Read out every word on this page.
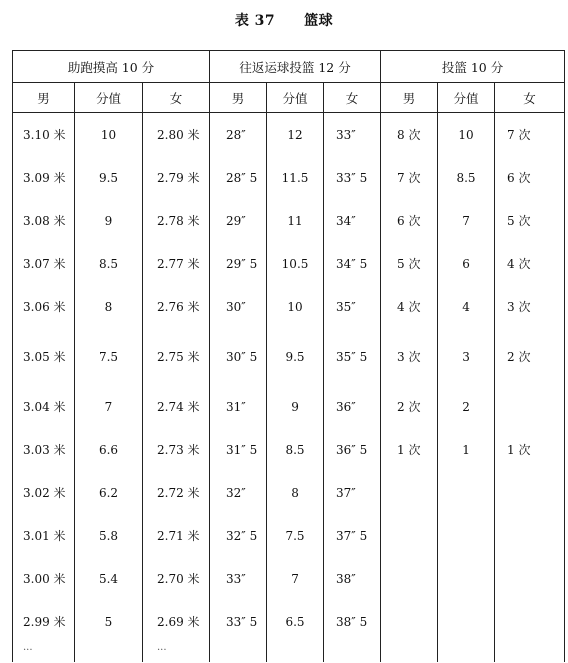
表 37　　篮球
助跑摸高 10 分			往返运球投篮 12 分			投篮 10 分		
男	分值	女	男	分值	女	男	分值	女
3.10 米	10	2.80 米	28″	12	33″	8 次	10	7 次
3.09 米	9.5	2.79 米	28″ 5	11.5	33″ 5	7 次	8.5	6 次
3.08 米	9	2.78 米	29″	11	34″	6 次	7	5 次
3.07 米	8.5	2.77 米	29″ 5	10.5	34″ 5	5 次	6	4 次
3.06 米	8	2.76 米	30″	10	35″	4 次	4	3 次
3.05 米	7.5	2.75 米	30″ 5	9.5	35″ 5	3 次	3	2 次
3.04 米	7	2.74 米	31″	9	36″	2 次	2	
3.03 米	6.6	2.73 米	31″ 5	8.5	36″ 5	1 次	1	1 次
3.02 米	6.2	2.72 米	32″	8	37″			
3.01 米	5.8	2.71 米	32″ 5	7.5	37″ 5			
3.00 米	5.4	2.70 米	33″	7	38″			
2.99 米	5	2.69 米	33″ 5	6.5	38″ 5			
...		...						
